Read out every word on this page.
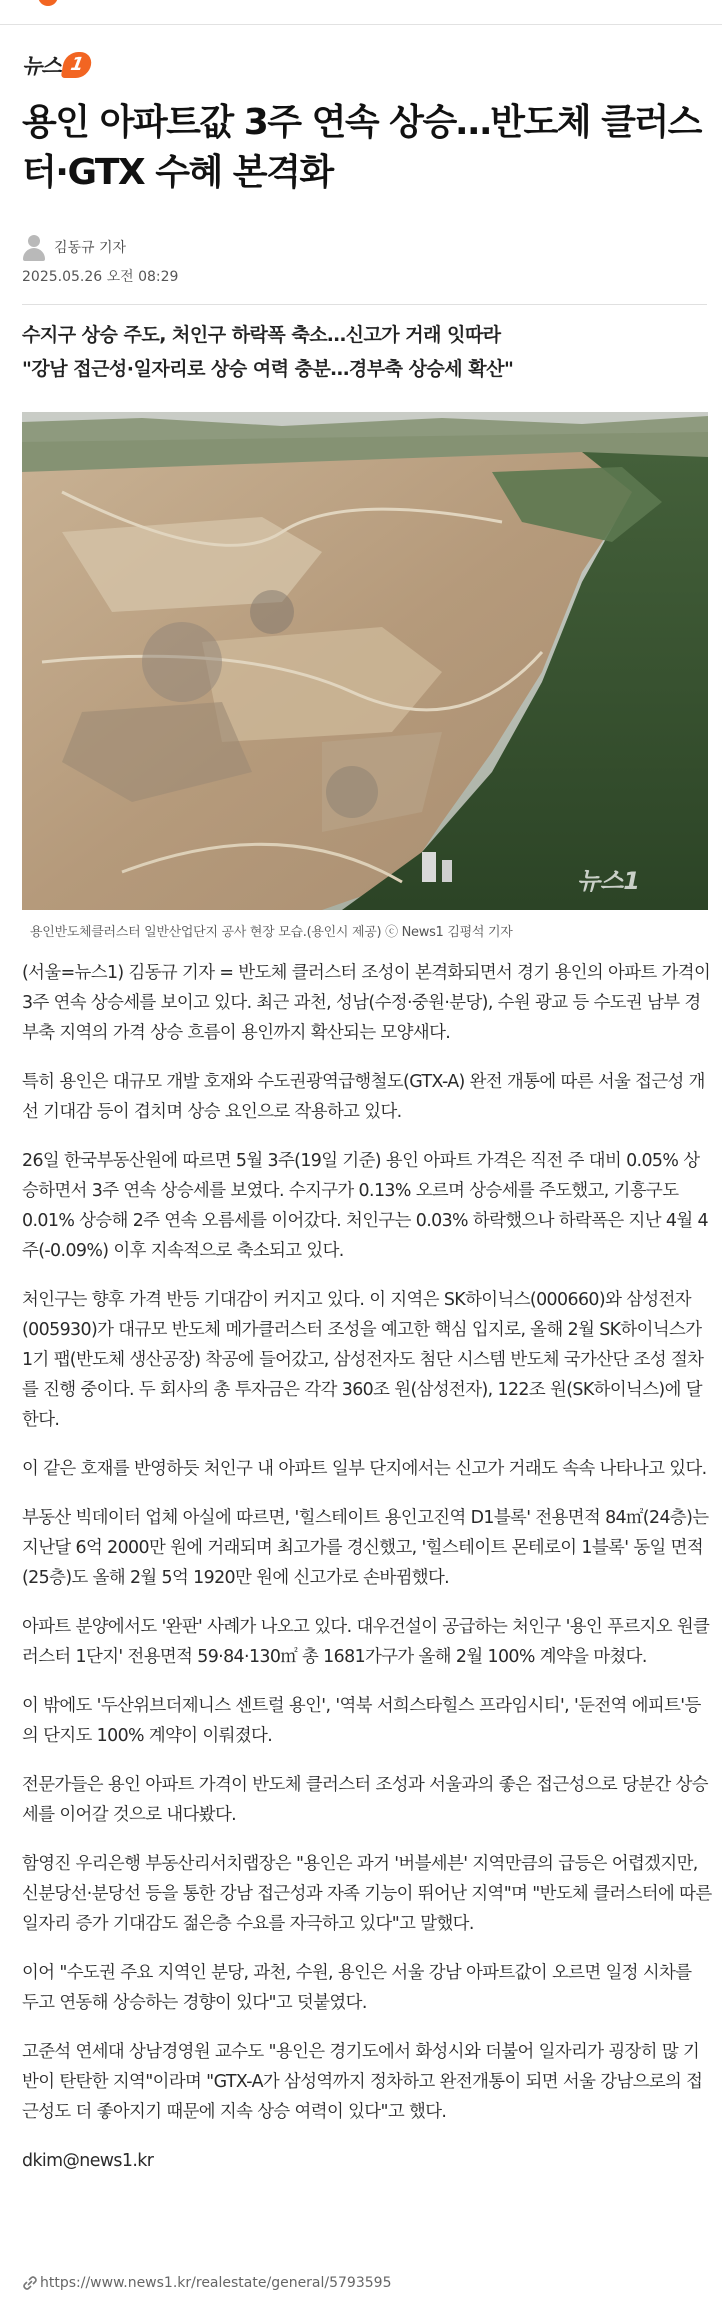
뉴스 1
용인 아파트값 3주 연속 상승…반도체 클러스터·GTX 수혜 본격화
김동규 기자
2025.05.26 오전 08:29
수지구 상승 주도, 처인구 하락폭 축소…신고가 거래 잇따라
"강남 접근성·일자리로 상승 여력 충분…경부축 상승세 확산"
뉴스1
용인반도체클러스터 일반산업단지 공사 현장 모습.(용인시 제공) ⓒ News1 김평석 기자

(서울=뉴스1) 김동규 기자 = 반도체 클러스터 조성이 본격화되면서 경기 용인의 아파트 가격이 3주 연속 상승세를 보이고 있다. 최근 과천, 성남(수정·중원·분당), 수원 광교 등 수도권 남부 경부축 지역의 가격 상승 흐름이 용인까지 확산되는 모양새다.

특히 용인은 대규모 개발 호재와 수도권광역급행철도(GTX-A) 완전 개통에 따른 서울 접근성 개선 기대감 등이 겹치며 상승 요인으로 작용하고 있다.

26일 한국부동산원에 따르면 5월 3주(19일 기준) 용인 아파트 가격은 직전 주 대비 0.05% 상승하면서 3주 연속 상승세를 보였다. 수지구가 0.13% 오르며 상승세를 주도했고, 기흥구도 0.01% 상승해 2주 연속 오름세를 이어갔다. 처인구는 0.03% 하락했으나 하락폭은 지난 4월 4주(-0.09%) 이후 지속적으로 축소되고 있다.

처인구는 향후 가격 반등 기대감이 커지고 있다. 이 지역은 SK하이닉스(000660)와 삼성전자(005930)가 대규모 반도체 메가클러스터 조성을 예고한 핵심 입지로, 올해 2월 SK하이닉스가 1기 팹(반도체 생산공장) 착공에 들어갔고, 삼성전자도 첨단 시스템 반도체 국가산단 조성 절차를 진행 중이다. 두 회사의 총 투자금은 각각 360조 원(삼성전자), 122조 원(SK하이닉스)에 달한다.

이 같은 호재를 반영하듯 처인구 내 아파트 일부 단지에서는 신고가 거래도 속속 나타나고 있다.

부동산 빅데이터 업체 아실에 따르면, '힐스테이트 용인고진역 D1블록' 전용면적 84㎡(24층)는 지난달 6억 2000만 원에 거래되며 최고가를 경신했고, '힐스테이트 몬테로이 1블록' 동일 면적(25층)도 올해 2월 5억 1920만 원에 신고가로 손바뀜했다.

아파트 분양에서도 '완판' 사례가 나오고 있다. 대우건설이 공급하는 처인구 '용인 푸르지오 원클러스터 1단지' 전용면적 59·84·130㎡ 총 1681가구가 올해 2월 100% 계약을 마쳤다.

이 밖에도 '두산위브더제니스 센트럴 용인', '역북 서희스타힐스 프라임시티', '둔전역 에피트'등의 단지도 100% 계약이 이뤄졌다.

전문가들은 용인 아파트 가격이 반도체 클러스터 조성과 서울과의 좋은 접근성으로 당분간 상승세를 이어갈 것으로 내다봤다.

함영진 우리은행 부동산리서치랩장은 "용인은 과거 '버블세븐' 지역만큼의 급등은 어렵겠지만, 신분당선·분당선 등을 통한 강남 접근성과 자족 기능이 뛰어난 지역"며 "반도체 클러스터에 따른 일자리 증가 기대감도 젊은층 수요를 자극하고 있다"고 말했다.

이어 "수도권 주요 지역인 분당, 과천, 수원, 용인은 서울 강남 아파트값이 오르면 일정 시차를 두고 연동해 상승하는 경향이 있다"고 덧붙였다.

고준석 연세대 상남경영원 교수도 "용인은 경기도에서 화성시와 더불어 일자리가 굉장히 많 기반이 탄탄한 지역"이라며 "GTX-A가 삼성역까지 정차하고 완전개통이 되면 서울 강남으로의 접근성도 더 좋아지기 때문에 지속 상승 여력이 있다"고 했다.

dkim@news1.kr

https://www.news1.kr/realestate/general/5793595
